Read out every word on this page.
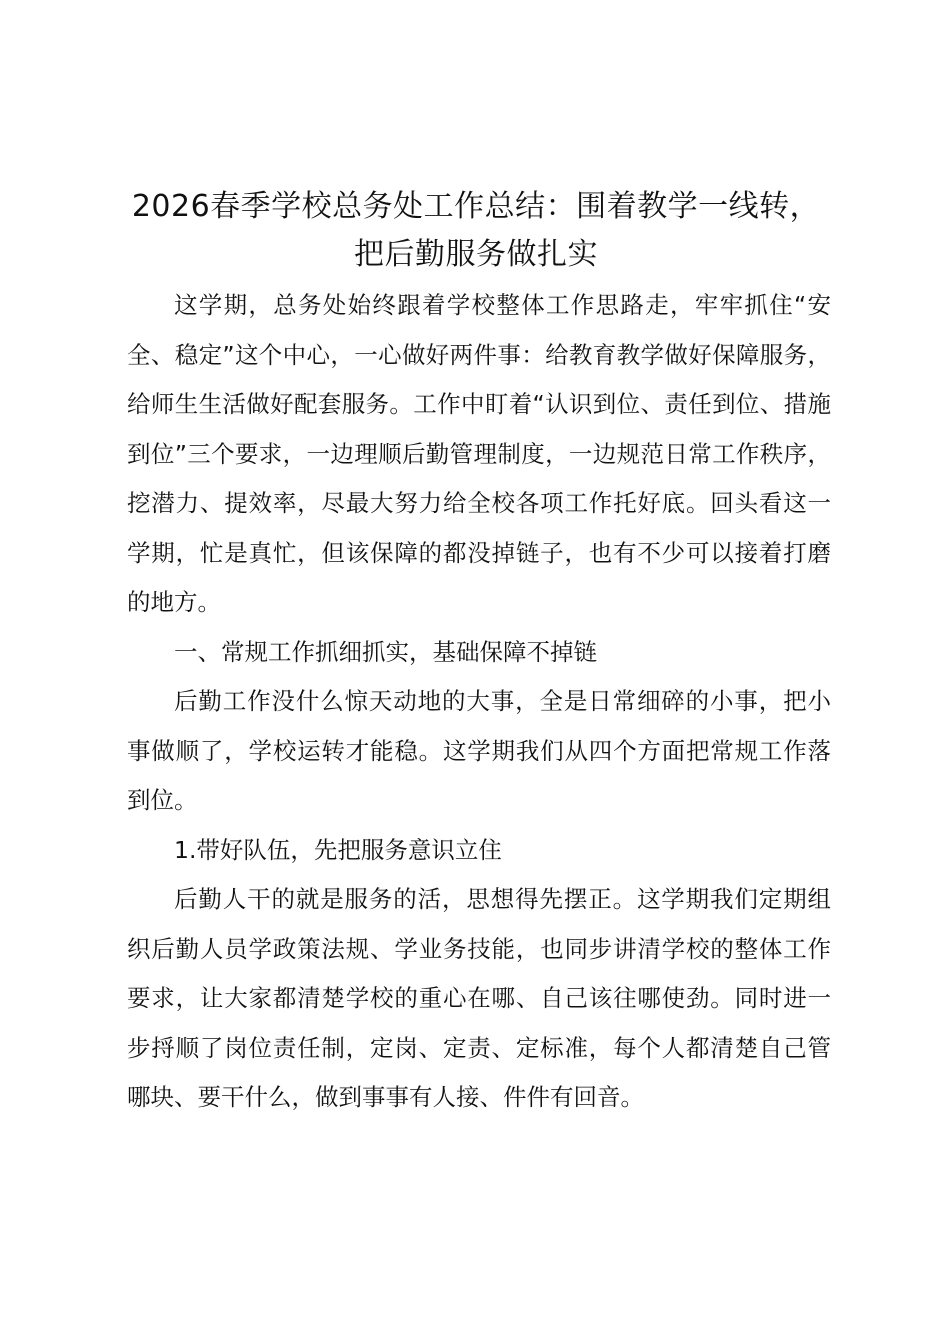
2026春季学校总务处工作总结：围着教学一线转，把后勤服务做扎实

这学期，总务处始终跟着学校整体工作思路走，牢牢抓住“安全、稳定”这个中心，一心做好两件事：给教育教学做好保障服务，给师生生活做好配套服务。工作中盯着“认识到位、责任到位、措施到位”三个要求，一边理顺后勤管理制度，一边规范日常工作秩序，挖潜力、提效率，尽最大努力给全校各项工作托好底。回头看这一学期，忙是真忙，但该保障的都没掉链子，也有不少可以接着打磨的地方。

一、常规工作抓细抓实，基础保障不掉链

后勤工作没什么惊天动地的大事，全是日常细碎的小事，把小事做顺了，学校运转才能稳。这学期我们从四个方面把常规工作落到位。

1.带好队伍，先把服务意识立住

后勤人干的就是服务的活，思想得先摆正。这学期我们定期组织后勤人员学政策法规、学业务技能，也同步讲清学校的整体工作要求，让大家都清楚学校的重心在哪、自己该往哪使劲。同时进一步捋顺了岗位责任制，定岗、定责、定标准，每个人都清楚自己管哪块、要干什么，做到事事有人接、件件有回音。
